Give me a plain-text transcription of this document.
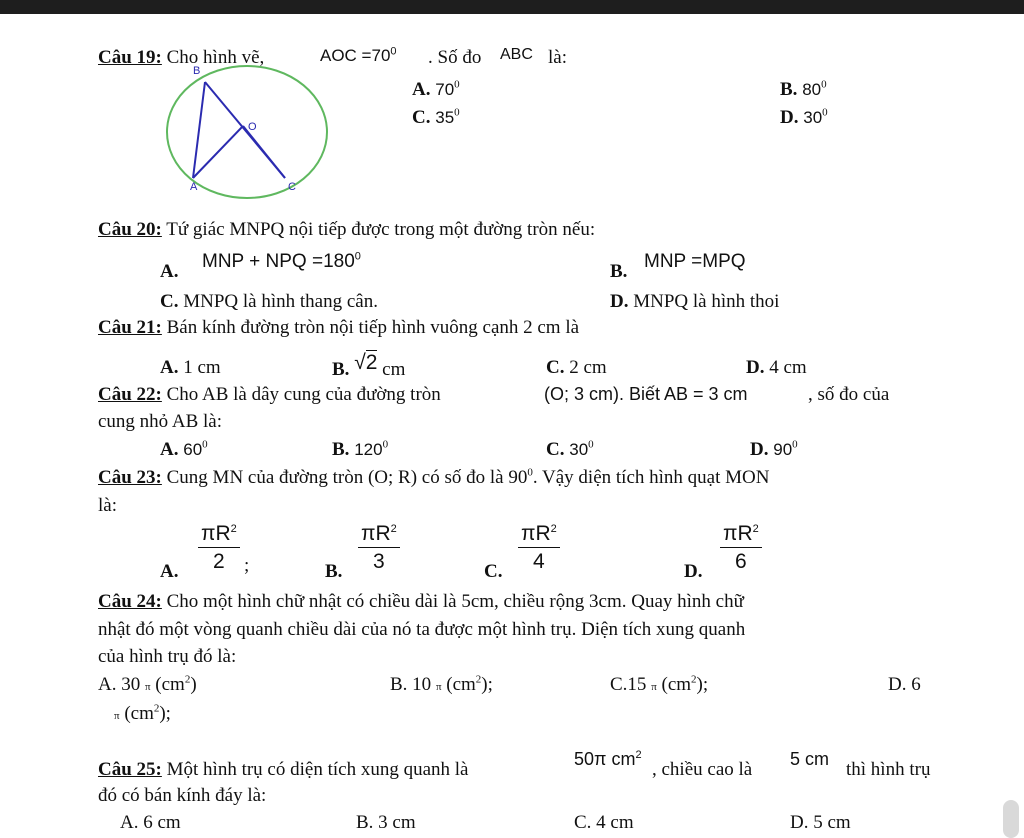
Câu 19: Cho hình vẽ,	AOC $=70^0$ . Số đo ABC là:
B
O
A	C
A. $70^0$	B. $80^0$
C. $35^0$	D. $30^0$
Câu 20: Tứ giác MNPQ nội tiếp được trong một đường tròn nếu:
A. MNP + NPQ $=180^0$
B. MNP =MPQ
C. MNPQ là hình thang cân.	D. MNPQ là hình thoi
Câu 21: Bán kính đường tròn nội tiếp hình vuông cạnh 2 cm là
A. 1 cm	B. √2 cm	C. 2 cm	D. 4 cm
Câu 22: Cho AB là dây cung của đường tròn	(O; 3 cm). Biết AB = 3 cm	, số đo của
cung nhỏ AB là:
A. $60^0$	B. $120^0$	C. $30^0$	D. $90^0$
Câu 23: Cung MN của đường tròn (O; R) có số đo là $90^0$. Vậy diện tích hình quạt MON
là:
A. $\frac{\pi R^2}{2}$ ;	B. $\frac{\pi R^2}{3}$	C. $\frac{\pi R^2}{4}$	D. $\frac{\pi R^2}{6}$
Câu 24: Cho một hình chữ nhật có chiều dài là 5cm, chiều rộng 3cm. Quay hình chữ
nhật đó một vòng quanh chiều dài của nó ta được một hình trụ. Diện tích xung quanh
của hình trụ đó là:
A. 30 π $(cm^2)$	B. 10 π $(cm^2)$;	C.15 π $(cm^2)$;	D. 6
π $(cm^2)$;
Câu 25: Một hình trụ có diện tích xung quanh là	50π $cm^2$
, chiều cao là 5 cm thì hình trụ
đó có bán kính đáy là:
A. 6 cm	B. 3 cm	C. 4 cm	D. 5 cm
